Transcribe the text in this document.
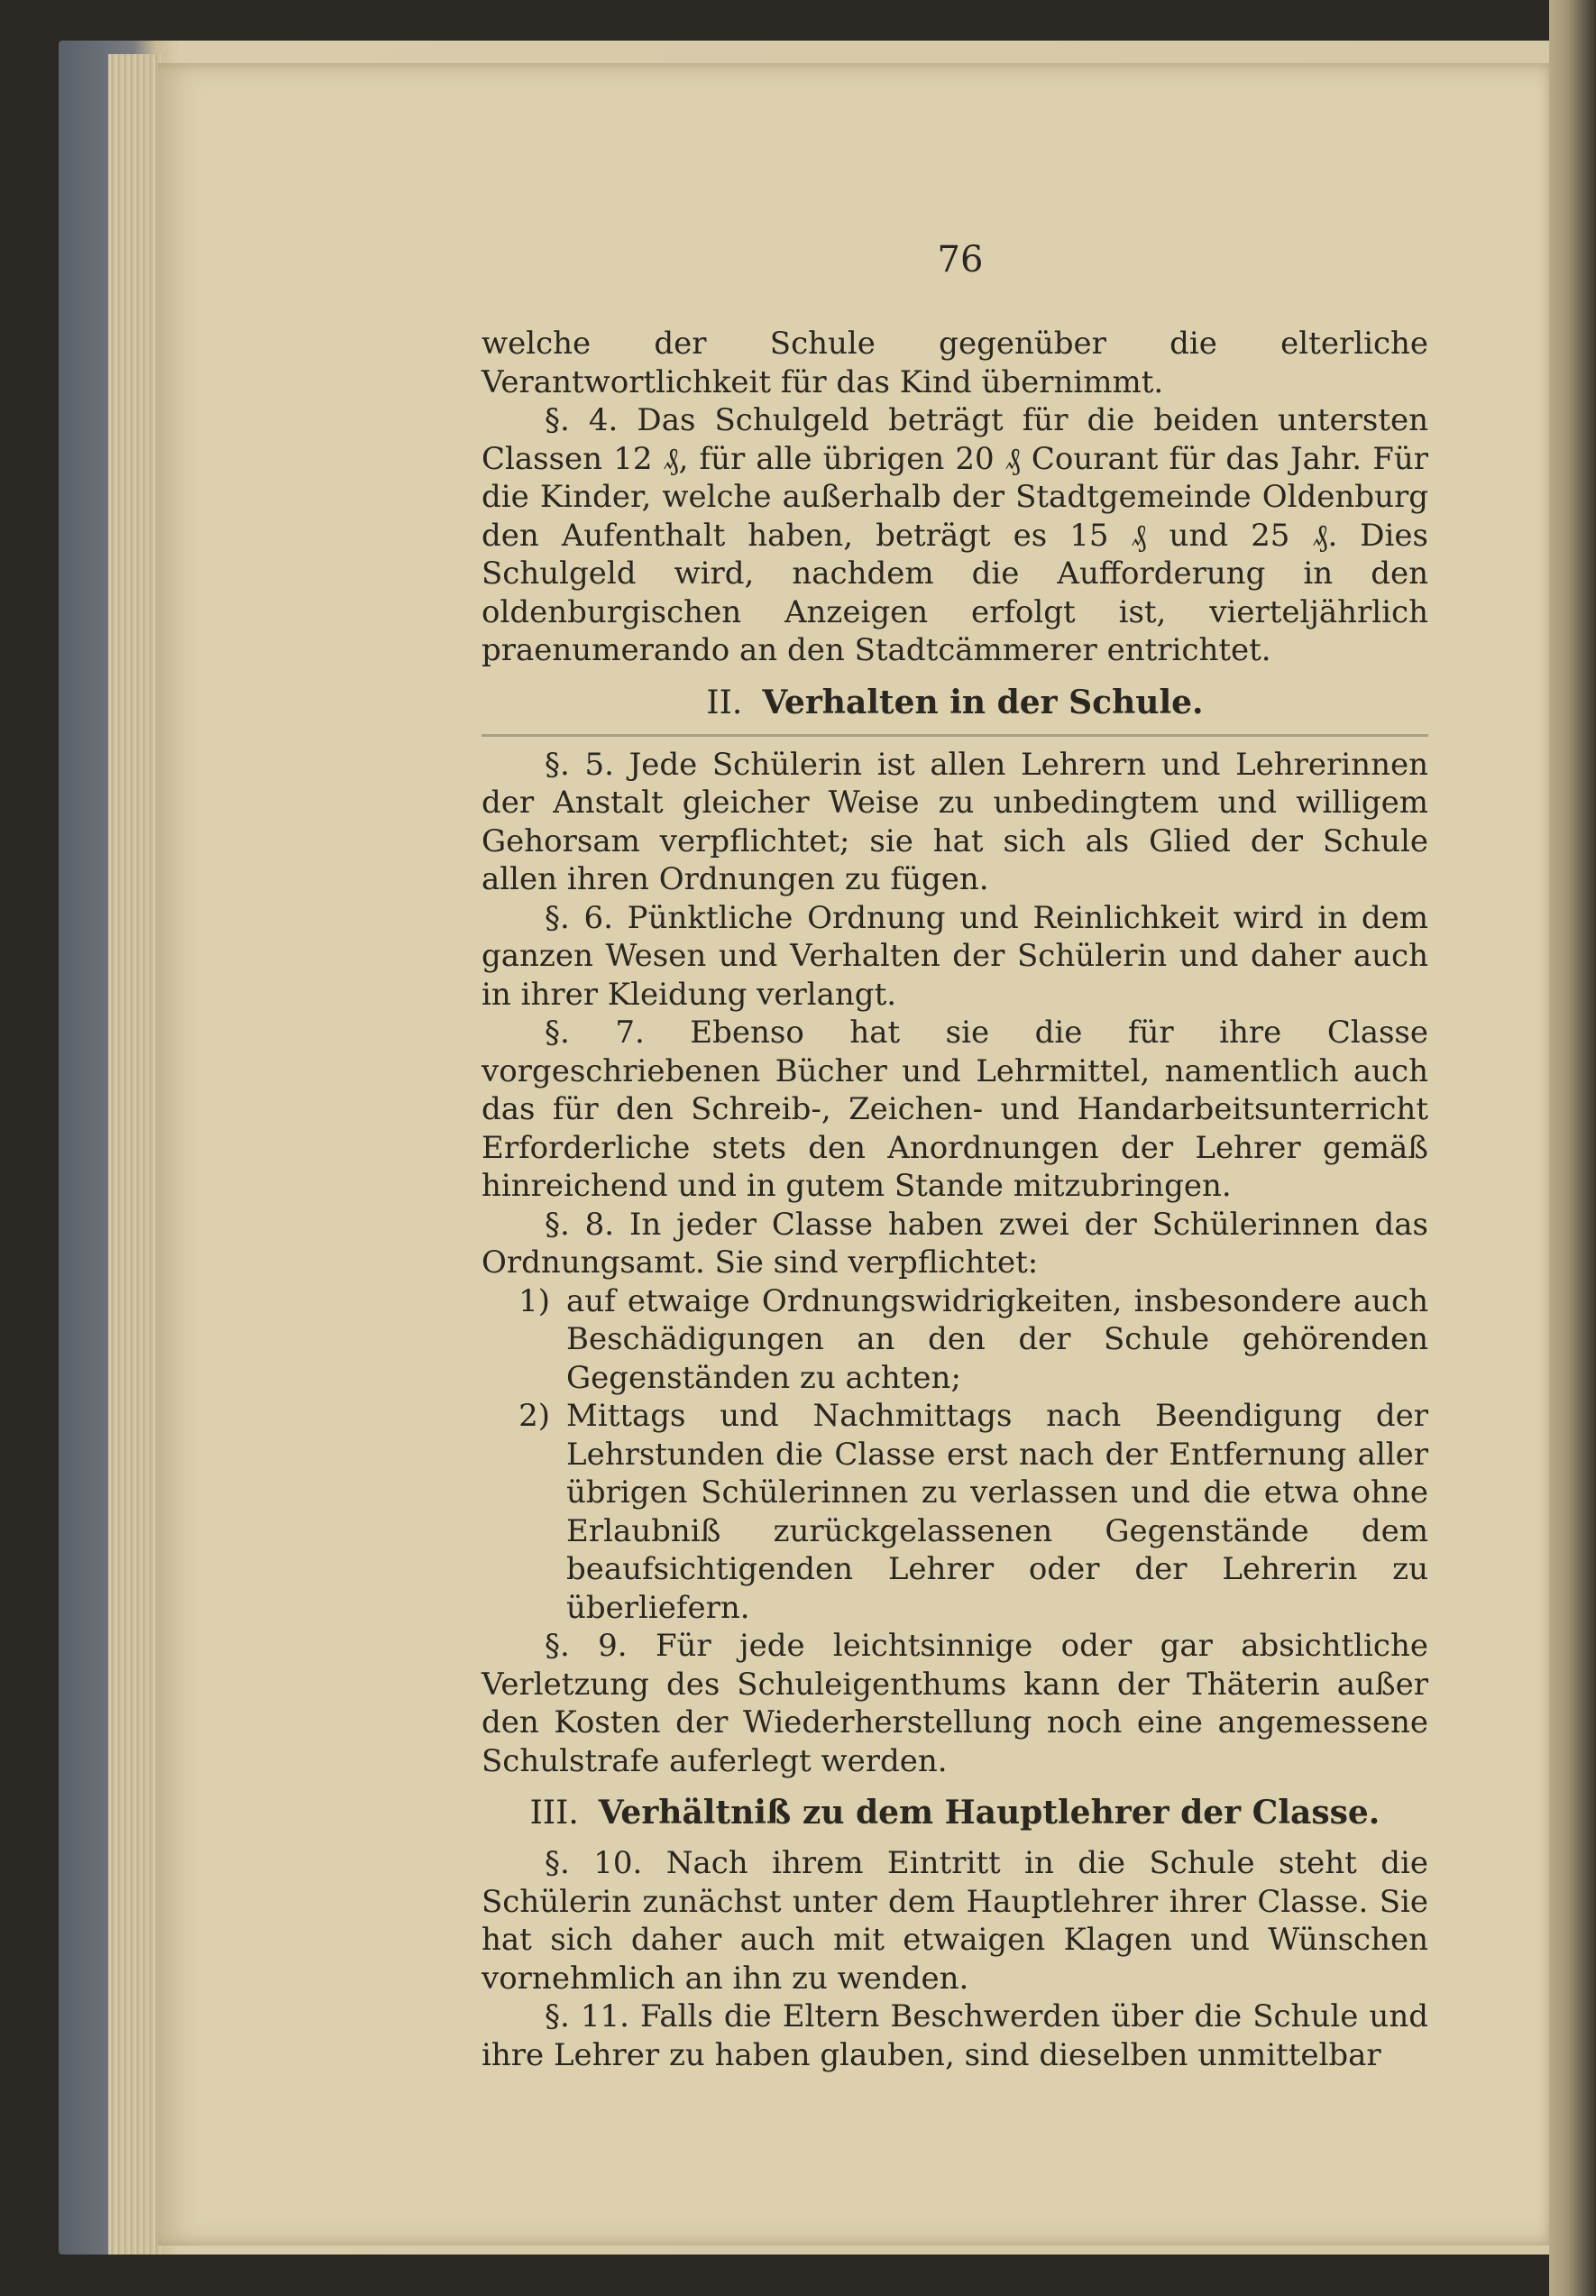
76

welche der Schule gegenüber die elterliche Verantwortlichkeit für das Kind übernimmt.

§. 4. Das Schulgeld beträgt für die beiden untersten Classen 12 ₰, für alle übrigen 20 ₰ Courant für das Jahr. Für die Kinder, welche außerhalb der Stadtgemeinde Oldenburg den Aufenthalt haben, beträgt es 15 ₰ und 25 ₰. Dies Schulgeld wird, nachdem die Aufforderung in den oldenburgischen Anzeigen erfolgt ist, vierteljährlich praenumerando an den Stadtcämmerer entrichtet.

II. Verhalten in der Schule.

§. 5. Jede Schülerin ist allen Lehrern und Lehrerinnen der Anstalt gleicher Weise zu unbedingtem und willigem Gehorsam verpflichtet; sie hat sich als Glied der Schule allen ihren Ordnungen zu fügen.

§. 6. Pünktliche Ordnung und Reinlichkeit wird in dem ganzen Wesen und Verhalten der Schülerin und daher auch in ihrer Kleidung verlangt.

§. 7. Ebenso hat sie die für ihre Classe vorgeschriebenen Bücher und Lehrmittel, namentlich auch das für den Schreib-, Zeichen- und Handarbeitsunterricht Erforderliche stets den Anordnungen der Lehrer gemäß hinreichend und in gutem Stande mitzubringen.

§. 8. In jeder Classe haben zwei der Schülerinnen das Ordnungsamt. Sie sind verpflichtet:

1) auf etwaige Ordnungswidrigkeiten, insbesondere auch Beschädigungen an den der Schule gehörenden Gegenständen zu achten;
2) Mittags und Nachmittags nach Beendigung der Lehrstunden die Classe erst nach der Entfernung aller übrigen Schülerinnen zu verlassen und die etwa ohne Erlaubniß zurückgelassenen Gegenstände dem beaufsichtigenden Lehrer oder der Lehrerin zu überliefern.

§. 9. Für jede leichtsinnige oder gar absichtliche Verletzung des Schuleigenthums kann der Thäterin außer den Kosten der Wiederherstellung noch eine angemessene Schulstrafe auferlegt werden.

III. Verhältniß zu dem Hauptlehrer der Classe.

§. 10. Nach ihrem Eintritt in die Schule steht die Schülerin zunächst unter dem Hauptlehrer ihrer Classe. Sie hat sich daher auch mit etwaigen Klagen und Wünschen vornehmlich an ihn zu wenden.

§. 11. Falls die Eltern Beschwerden über die Schule und ihre Lehrer zu haben glauben, sind dieselben unmittelbar
